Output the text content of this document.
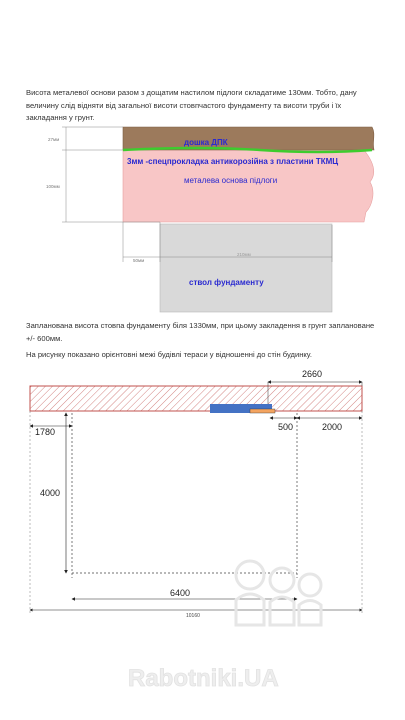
Висота металевої основи разом з дощатим настилом підлоги складатиме 130мм. Тобто, дану величину слід відняти від загальної висоти стовпчастого фундаменту та висоти труби і їх закладання у грунт.

27мм
100мм
50мм
210мм
дошка ДПК
3мм -спецпрокладка антикорозійна з пластини ТКМЦ
металева основа підлоги
ствол фундаменту

Запланована висота стовпа фундаменту біля 1330мм, при цьому закладення в грунт заплановане +/- 600мм.

На рисунку показано орієнтовні межі будівлі тераси у відношенні до стін будинку.

2660
1780	500	2000
4000
6400
10160
Rabotniki.UA
